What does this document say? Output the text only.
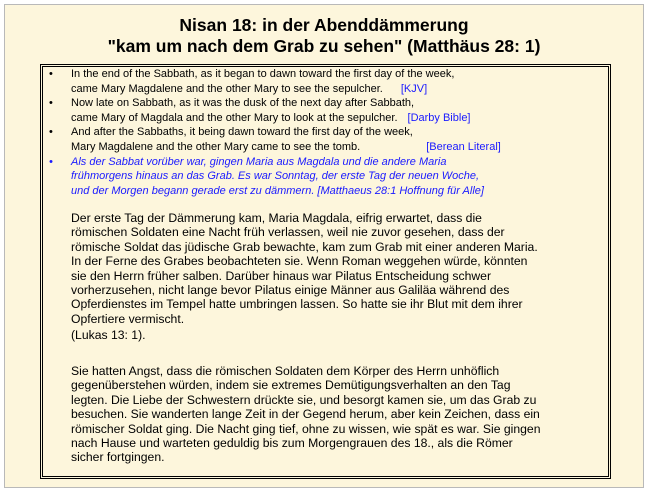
Nisan 18: in der Abenddämmerung
"kam um nach dem Grab zu sehen" (Matthäus 28: 1)
• In the end of the Sabbath, as it began to dawn toward the first day of the week,
came Mary Magdalene and the other Mary to see the sepulcher. [KJV]
• Now late on Sabbath, as it was the dusk of the next day after Sabbath,
came Mary of Magdala and the other Mary to look at the sepulcher. [Darby Bible]
• And after the Sabbaths, it being dawn toward the first day of the week,
Mary Magdalene and the other Mary came to see the tomb.	[Berean Literal]
• Als der Sabbat vorüber war, gingen Maria aus Magdala und die andere Maria
frühmorgens hinaus an das Grab. Es war Sonntag, der erste Tag der neuen Woche,
und der Morgen begann gerade erst zu dämmern. [Matthaeus 28:1 Hoffnung für Alle]
Der erste Tag der Dämmerung kam, Maria Magdala, eifrig erwartet, dass die
römischen Soldaten eine Nacht früh verlassen, weil nie zuvor gesehen, dass der
römische Soldat das jüdische Grab bewachte, kam zum Grab mit einer anderen Maria.
In der Ferne des Grabes beobachteten sie. Wenn Roman weggehen würde, könnten
sie den Herrn früher salben. Darüber hinaus war Pilatus Entscheidung schwer
vorherzusehen, nicht lange bevor Pilatus einige Männer aus Galiläa während des
Opferdienstes im Tempel hatte umbringen lassen. So hatte sie ihr Blut mit dem ihrer
Opfertiere vermischt.
(Lukas 13: 1).
Sie hatten Angst, dass die römischen Soldaten dem Körper des Herrn unhöflich
gegenüberstehen würden, indem sie extremes Demütigungsverhalten an den Tag
legten. Die Liebe der Schwestern drückte sie, und besorgt kamen sie, um das Grab zu
besuchen. Sie wanderten lange Zeit in der Gegend herum, aber kein Zeichen, dass ein
römischer Soldat ging. Die Nacht ging tief, ohne zu wissen, wie spät es war. Sie gingen
nach Hause und warteten geduldig bis zum Morgengrauen des 18., als die Römer
sicher fortgingen.
